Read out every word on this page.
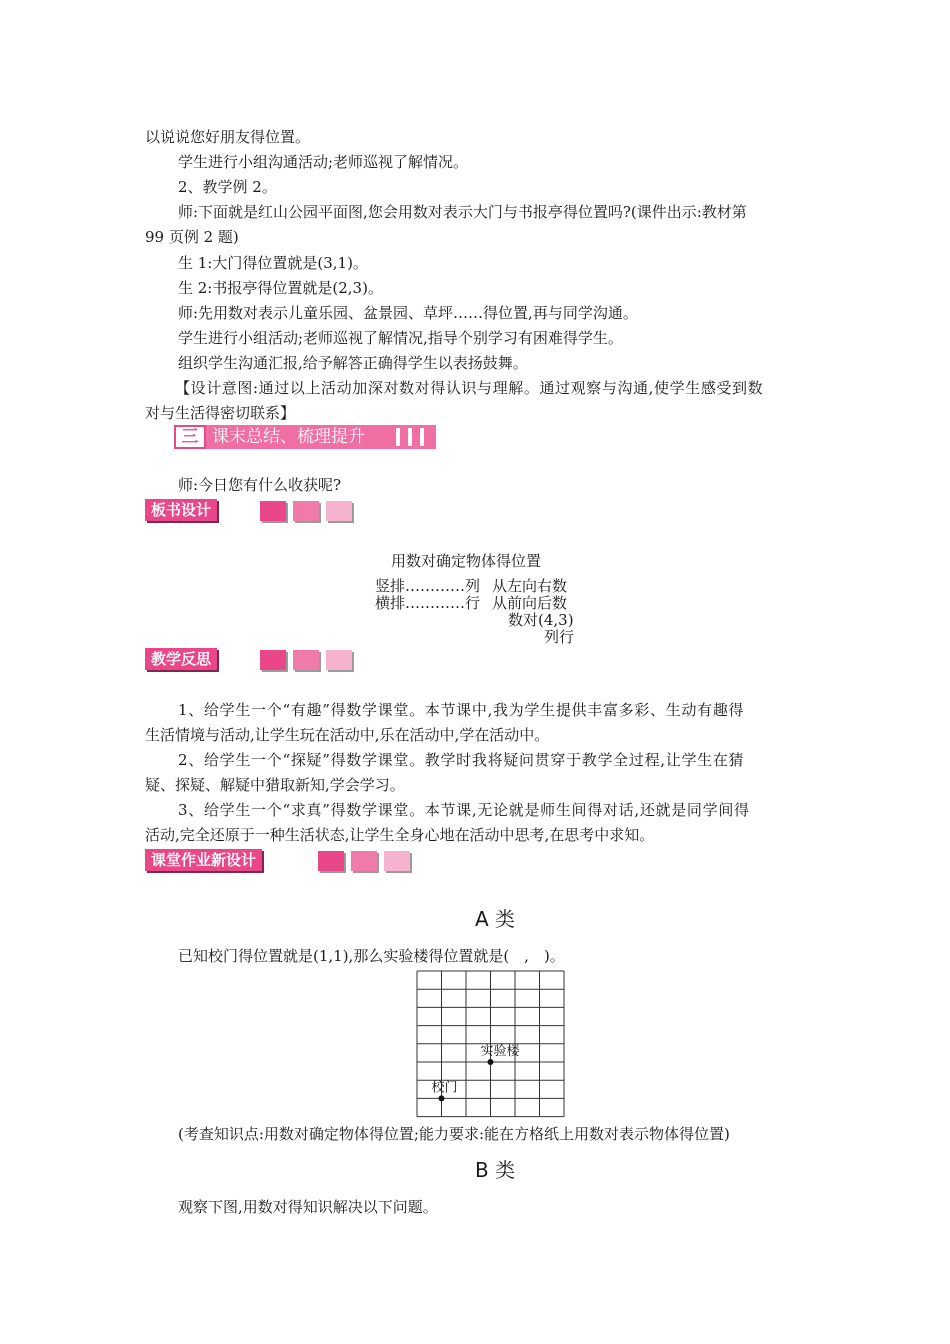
以说说您好朋友得位置。
学生进行小组沟通活动;老师巡视了解情况。
2、教学例 2。
师:下面就是红山公园平面图,您会用数对表示大门与书报亭得位置吗?(课件出示:教材第
99 页例 2 题)
生 1:大门得位置就是(3,1)。
生 2:书报亭得位置就是(2,3)。
师:先用数对表示儿童乐园、盆景园、草坪……得位置,再与同学沟通。
学生进行小组活动;老师巡视了解情况,指导个别学习有困难得学生。
组织学生沟通汇报,给予解答正确得学生以表扬鼓舞。
【设计意图:通过以上活动加深对数对得认识与理解。通过观察与沟通,使学生感受到数
对与生活得密切联系】
三 课末总结、梳理提升
师:今日您有什么收获呢?
板书设计
用数对确定物体得位置
竖排…………列 从左向右数
横排…………行 从前向后数
数对(4,3)
列行
教学反思
1、给学生一个“有趣”得数学课堂。本节课中,我为学生提供丰富多彩、生动有趣得
生活情境与活动,让学生玩在活动中,乐在活动中,学在活动中。
2、给学生一个“探疑”得数学课堂。教学时我将疑问贯穿于教学全过程,让学生在猜
疑、探疑、解疑中猎取新知,学会学习。
3、给学生一个“求真”得数学课堂。本节课,无论就是师生间得对话,还就是同学间得
活动,完全还原于一种生活状态,让学生全身心地在活动中思考,在思考中求知。
课堂作业新设计
A 类
已知校门得位置就是(1,1),那么实验楼得位置就是(　,　)。
校门
实验楼
(考查知识点:用数对确定物体得位置;能力要求:能在方格纸上用数对表示物体得位置)
B 类
观察下图,用数对得知识解决以下问题。
